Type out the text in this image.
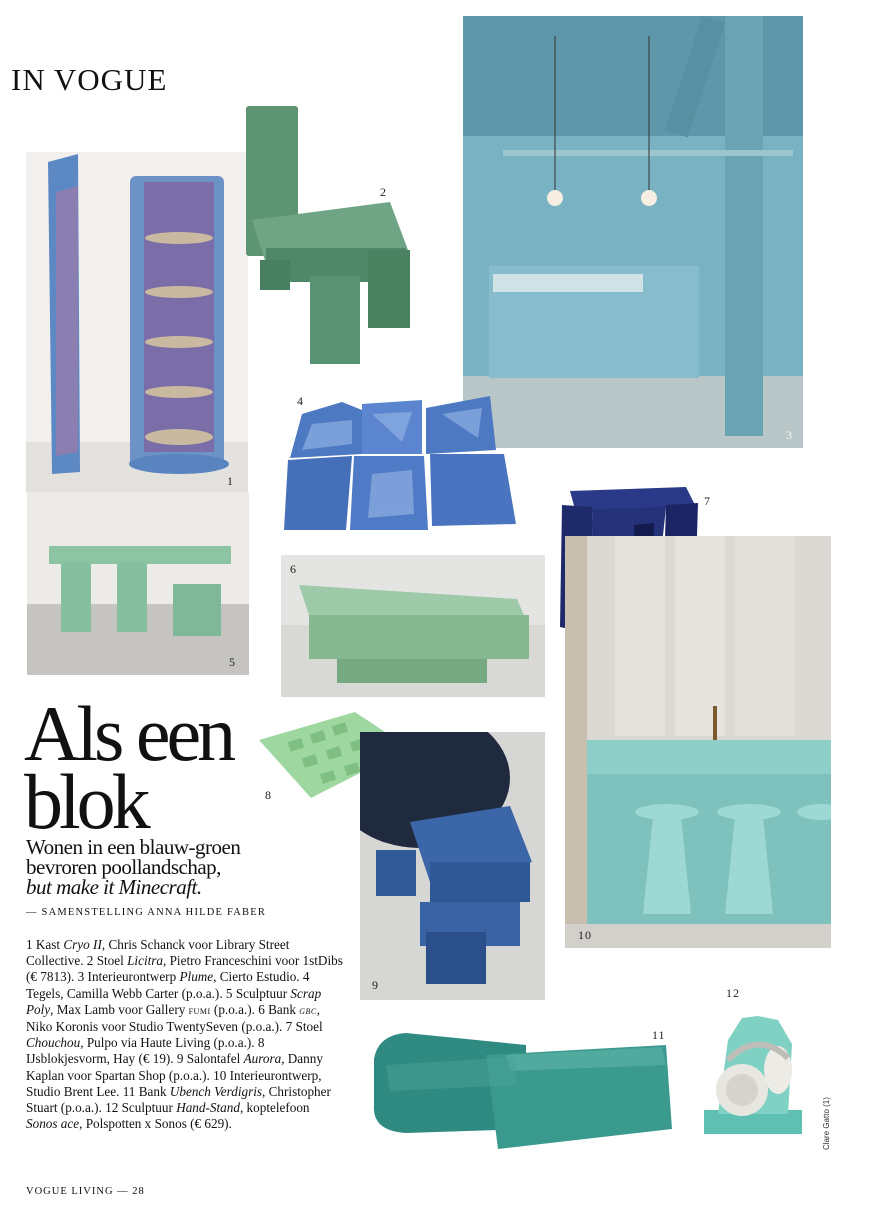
IN VOGUE
1
2
3
4
5
6
7
10
Als een
blok	8
9
Wonen in een blauw-groen
bevroren poollandschap,
but make it Minecraft.
— SAMENSTELLING ANNA HILDE FABER
1 Kast Cryo II, Chris Schanck voor Library Street Collective. 2 Stoel Licitra, Pietro Franceschini voor 1stDibs (€ 7813). 3 Interieurontwerp Plume, Cierto Estudio. 4 Tegels, Camilla Webb Carter (p.o.a.). 5 Sculptuur Scrap Poly, Max Lamb voor Gallery fumi (p.o.a.). 6 Bank gbc, Niko Koronis voor Studio TwentySeven (p.o.a.). 7 Stoel Chouchou, Pulpo via Haute Living (p.o.a.). 8 IJsblokjesvorm, Hay (€ 19). 9 Salontafel Aurora, Danny Kaplan voor Spartan Shop (p.o.a.). 10 Interieurontwerp, Studio Brent Lee. 11 Bank Ubench Verdigris, Christopher Stuart (p.o.a.). 12 Sculptuur Hand-Stand, koptelefoon Sonos ace, Polspotten x Sonos (€ 629).
11
12
Clare Gatto (1)
VOGUE LIVING — 28
